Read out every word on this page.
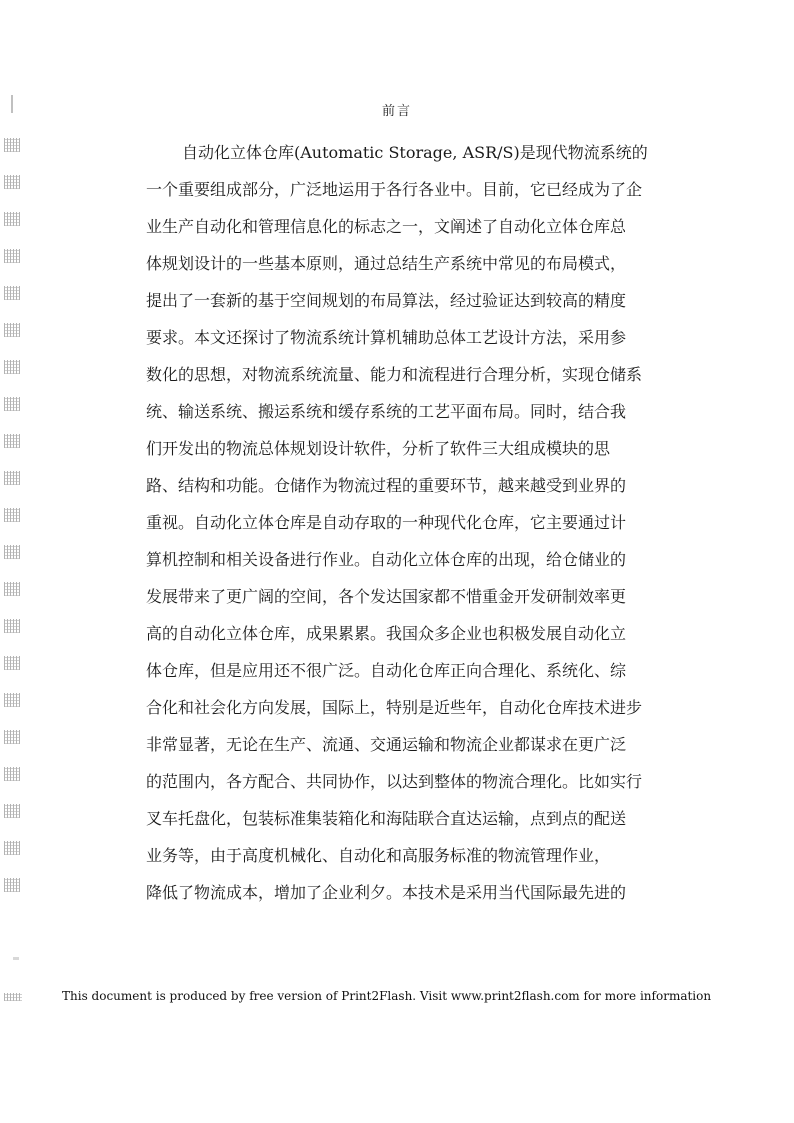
前言
自动化立体仓库(Automatic Storage, ASR/S)是现代物流系统的
一个重要组成部分，广泛地运用于各行各业中。目前，它已经成为了企
业生产自动化和管理信息化的标志之一，文阐述了自动化立体仓库总
体规划设计的一些基本原则，通过总结生产系统中常见的布局模式，
提出了一套新的基于空间规划的布局算法，经过验证达到较高的精度
要求。本文还探讨了物流系统计算机辅助总体工艺设计方法，采用参
数化的思想，对物流系统流量、能力和流程进行合理分析，实现仓储系
统、输送系统、搬运系统和缓存系统的工艺平面布局。同时，结合我
们开发出的物流总体规划设计软件，分析了软件三大组成模块的思
路、结构和功能。仓储作为物流过程的重要环节，越来越受到业界的
重视。自动化立体仓库是自动存取的一种现代化仓库，它主要通过计
算机控制和相关设备进行作业。自动化立体仓库的出现，给仓储业的
发展带来了更广阔的空间，各个发达国家都不惜重金开发研制效率更
高的自动化立体仓库，成果累累。我国众多企业也积极发展自动化立
体仓库，但是应用还不很广泛。自动化仓库正向合理化、系统化、综
合化和社会化方向发展，国际上，特别是近些年，自动化仓库技术进步
非常显著，无论在生产、流通、交通运输和物流企业都谋求在更广泛
的范围内，各方配合、共同协作，以达到整体的物流合理化。比如实行
叉车托盘化，包装标准集装箱化和海陆联合直达运输，点到点的配送
业务等，由于高度机械化、自动化和高服务标准的物流管理作业，
降低了物流成本，增加了企业利夕。本技术是采用当代国际最先进的
This document is produced by free version of Print2Flash. Visit www.print2flash.com for more information
